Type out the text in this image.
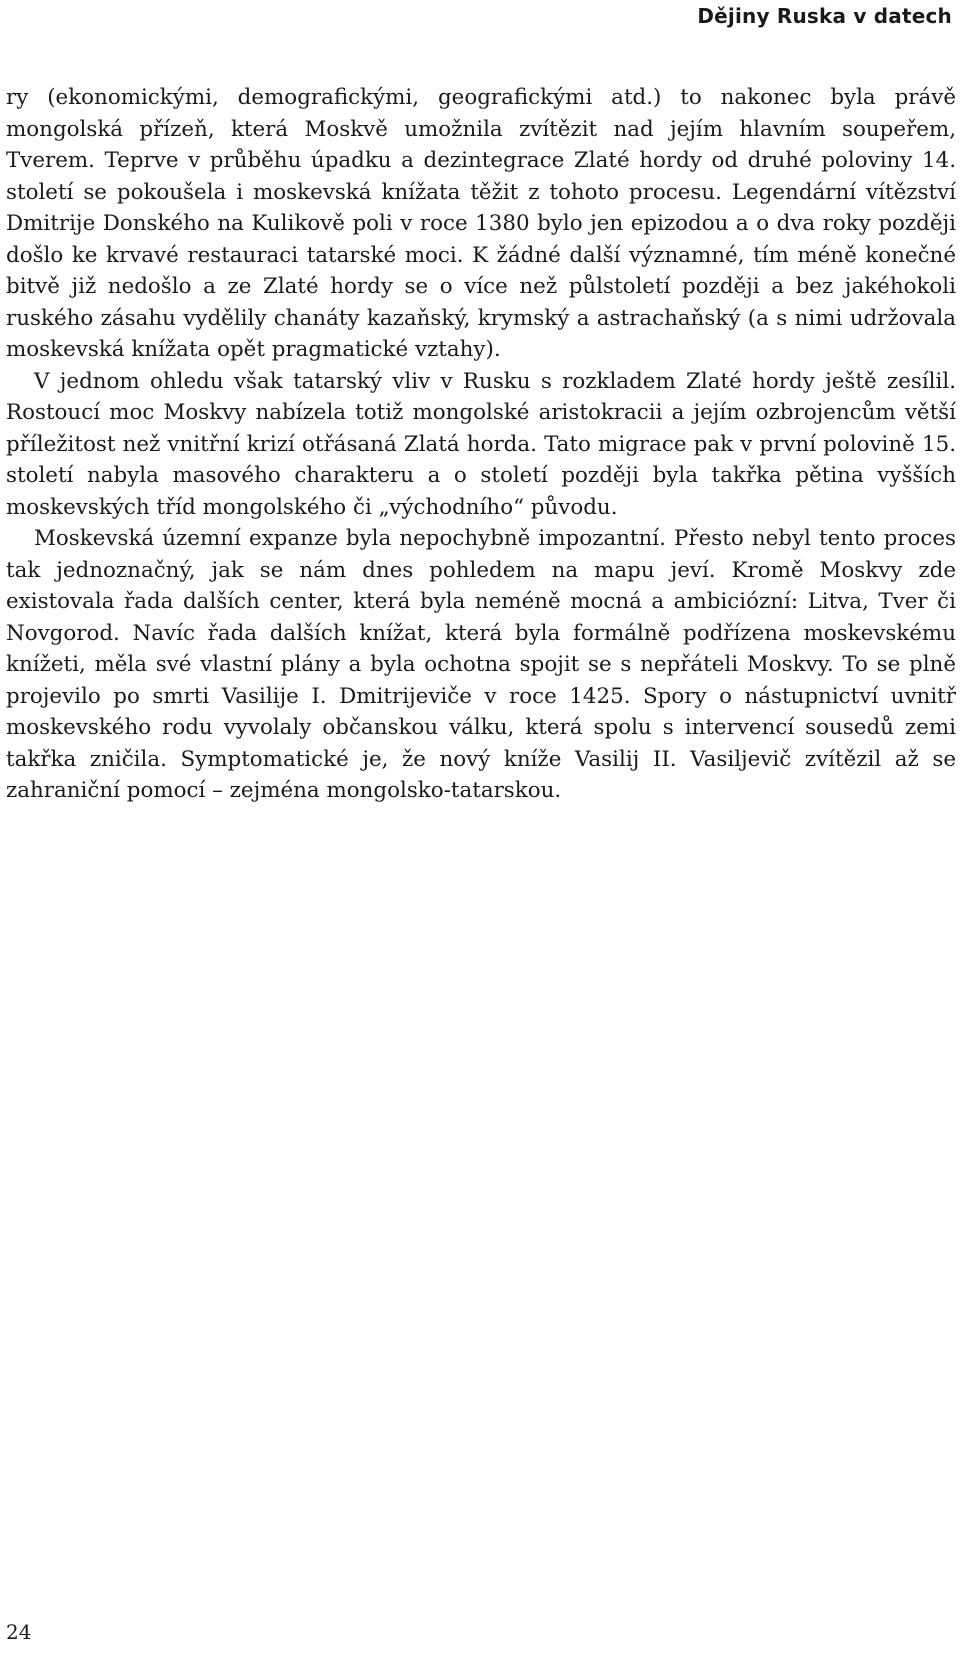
Dějiny Ruska v datech

ry (ekonomickými, demografickými, geografickými atd.) to nakonec byla právě mongolská přízeň, která Moskvě umožnila zvítězit nad jejím hlavním soupeřem, Tverem. Teprve v průběhu úpadku a dezintegrace Zlaté hordy od druhé poloviny 14. století se pokoušela i moskevská knížata těžit z tohoto procesu. Legendární vítězství Dmitrije Donského na Kulikově poli v roce 1380 bylo jen epizodou a o dva roky později došlo ke krvavé restauraci tatarské moci. K žádné další významné, tím méně konečné bitvě již nedošlo a ze Zlaté hordy se o více než půlstoletí později a bez jakéhokoli ruského zásahu vydělily chanáty kazaňský, krymský a astrachaňský (a s nimi udržovala moskevská knížata opět pragmatické vztahy).

V jednom ohledu však tatarský vliv v Rusku s rozkladem Zlaté hordy ještě zesílil. Rostoucí moc Moskvy nabízela totiž mongolské aristokracii a jejím ozbrojencům větší příležitost než vnitřní krizí otřásaná Zlatá horda. Tato migrace pak v první polovině 15. století nabyla masového charakteru a o století později byla takřka pětina vyšších moskevských tříd mongolského či „východního“ původu.

Moskevská územní expanze byla nepochybně impozantní. Přesto nebyl tento proces tak jednoznačný, jak se nám dnes pohledem na mapu jeví. Kromě Moskvy zde existovala řada dalších center, která byla neméně mocná a ambiciózní: Litva, Tver či Novgorod. Navíc řada dalších knížat, která byla formálně podřízena moskevskému knížeti, měla své vlastní plány a byla ochotna spojit se s nepřáteli Moskvy. To se plně projevilo po smrti Vasilije I. Dmitrijeviče v roce 1425. Spory o nástupnictví uvnitř moskevského rodu vyvolaly občanskou válku, která spolu s intervencí sousedů zemi takřka zničila. Symptomatické je, že nový kníže Vasilij II. Vasiljevič zvítězil až se zahraniční pomocí – zejména mongolsko-tatarskou.

24
